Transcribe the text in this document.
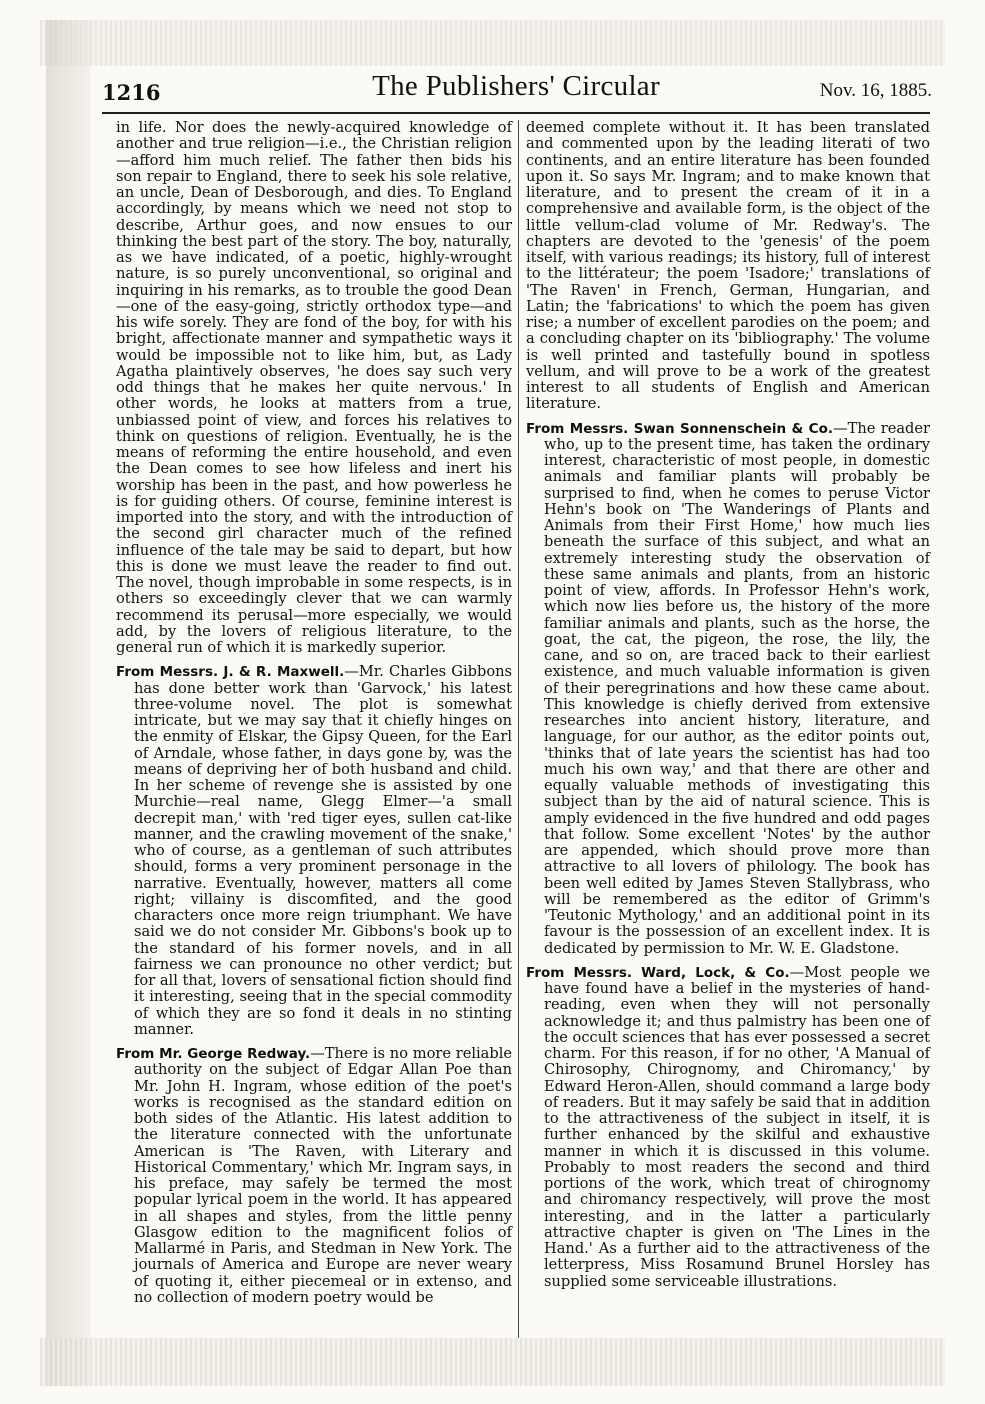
1216	The Publishers' Circular	Nov. 16, 1885.

in life. Nor does the newly-acquired knowledge of another and true religion—i.e., the Christian religion—afford him much relief. The father then bids his son repair to England, there to seek his sole relative, an uncle, Dean of Desborough, and dies. To England accordingly, by means which we need not stop to describe, Arthur goes, and now ensues to our thinking the best part of the story. The boy, naturally, as we have indicated, of a poetic, highly-wrought nature, is so purely unconventional, so original and inquiring in his remarks, as to trouble the good Dean—one of the easy-going, strictly orthodox type—and his wife sorely. They are fond of the boy, for with his bright, affectionate manner and sympathetic ways it would be impossible not to like him, but, as Lady Agatha plaintively observes, 'he does say such very odd things that he makes her quite nervous.' In other words, he looks at matters from a true, unbiassed point of view, and forces his relatives to think on questions of religion. Eventually, he is the means of reforming the entire household, and even the Dean comes to see how lifeless and inert his worship has been in the past, and how powerless he is for guiding others. Of course, feminine interest is imported into the story, and with the introduction of the second girl character much of the refined influence of the tale may be said to depart, but how this is done we must leave the reader to find out. The novel, though improbable in some respects, is in others so exceedingly clever that we can warmly recommend its perusal—more especially, we would add, by the lovers of religious literature, to the general run of which it is markedly superior.

From Messrs. J. & R. Maxwell.—Mr. Charles Gibbons has done better work than 'Garvock,' his latest three-volume novel. The plot is somewhat intricate, but we may say that it chiefly hinges on the enmity of Elskar, the Gipsy Queen, for the Earl of Arndale, whose father, in days gone by, was the means of depriving her of both husband and child. In her scheme of revenge she is assisted by one Murchie—real name, Glegg Elmer—'a small decrepit man,' with 'red tiger eyes, sullen cat-like manner, and the crawling movement of the snake,' who of course, as a gentleman of such attributes should, forms a very prominent personage in the narrative. Eventually, however, matters all come right; villainy is discomfited, and the good characters once more reign triumphant. We have said we do not consider Mr. Gibbons's book up to the standard of his former novels, and in all fairness we can pronounce no other verdict; but for all that, lovers of sensational fiction should find it interesting, seeing that in the special commodity of which they are so fond it deals in no stinting manner.

From Mr. George Redway.—There is no more reliable authority on the subject of Edgar Allan Poe than Mr. John H. Ingram, whose edition of the poet's works is recognised as the standard edition on both sides of the Atlantic. His latest addition to the literature connected with the unfortunate American is 'The Raven, with Literary and Historical Commentary,' which Mr. Ingram says, in his preface, may safely be termed the most popular lyrical poem in the world. It has appeared in all shapes and styles, from the little penny Glasgow edition to the magnificent folios of Mallarmé in Paris, and Stedman in New York. The journals of America and Europe are never weary of quoting it, either piecemeal or in extenso, and no collection of modern poetry would be

deemed complete without it. It has been translated and commented upon by the leading literati of two continents, and an entire literature has been founded upon it. So says Mr. Ingram; and to make known that literature, and to present the cream of it in a comprehensive and available form, is the object of the little vellum-clad volume of Mr. Redway's. The chapters are devoted to the 'genesis' of the poem itself, with various readings; its history, full of interest to the littérateur; the poem 'Isadore;' translations of 'The Raven' in French, German, Hungarian, and Latin; the 'fabrications' to which the poem has given rise; a number of excellent parodies on the poem; and a concluding chapter on its 'bibliography.' The volume is well printed and tastefully bound in spotless vellum, and will prove to be a work of the greatest interest to all students of English and American literature.

From Messrs. Swan Sonnenschein & Co.—The reader who, up to the present time, has taken the ordinary interest, characteristic of most people, in domestic animals and familiar plants will probably be surprised to find, when he comes to peruse Victor Hehn's book on 'The Wanderings of Plants and Animals from their First Home,' how much lies beneath the surface of this subject, and what an extremely interesting study the observation of these same animals and plants, from an historic point of view, affords. In Professor Hehn's work, which now lies before us, the history of the more familiar animals and plants, such as the horse, the goat, the cat, the pigeon, the rose, the lily, the cane, and so on, are traced back to their earliest existence, and much valuable information is given of their peregrinations and how these came about. This knowledge is chiefly derived from extensive researches into ancient history, literature, and language, for our author, as the editor points out, 'thinks that of late years the scientist has had too much his own way,' and that there are other and equally valuable methods of investigating this subject than by the aid of natural science. This is amply evidenced in the five hundred and odd pages that follow. Some excellent 'Notes' by the author are appended, which should prove more than attractive to all lovers of philology. The book has been well edited by James Steven Stallybrass, who will be remembered as the editor of Grimm's 'Teutonic Mythology,' and an additional point in its favour is the possession of an excellent index. It is dedicated by permission to Mr. W. E. Gladstone.

From Messrs. Ward, Lock, & Co.—Most people we have found have a belief in the mysteries of hand-reading, even when they will not personally acknowledge it; and thus palmistry has been one of the occult sciences that has ever possessed a secret charm. For this reason, if for no other, 'A Manual of Chirosophy, Chirognomy, and Chiromancy,' by Edward Heron-Allen, should command a large body of readers. But it may safely be said that in addition to the attractiveness of the subject in itself, it is further enhanced by the skilful and exhaustive manner in which it is discussed in this volume. Probably to most readers the second and third portions of the work, which treat of chirognomy and chiromancy respectively, will prove the most interesting, and in the latter a particularly attractive chapter is given on 'The Lines in the Hand.' As a further aid to the attractiveness of the letterpress, Miss Rosamund Brunel Horsley has supplied some serviceable illustrations.
